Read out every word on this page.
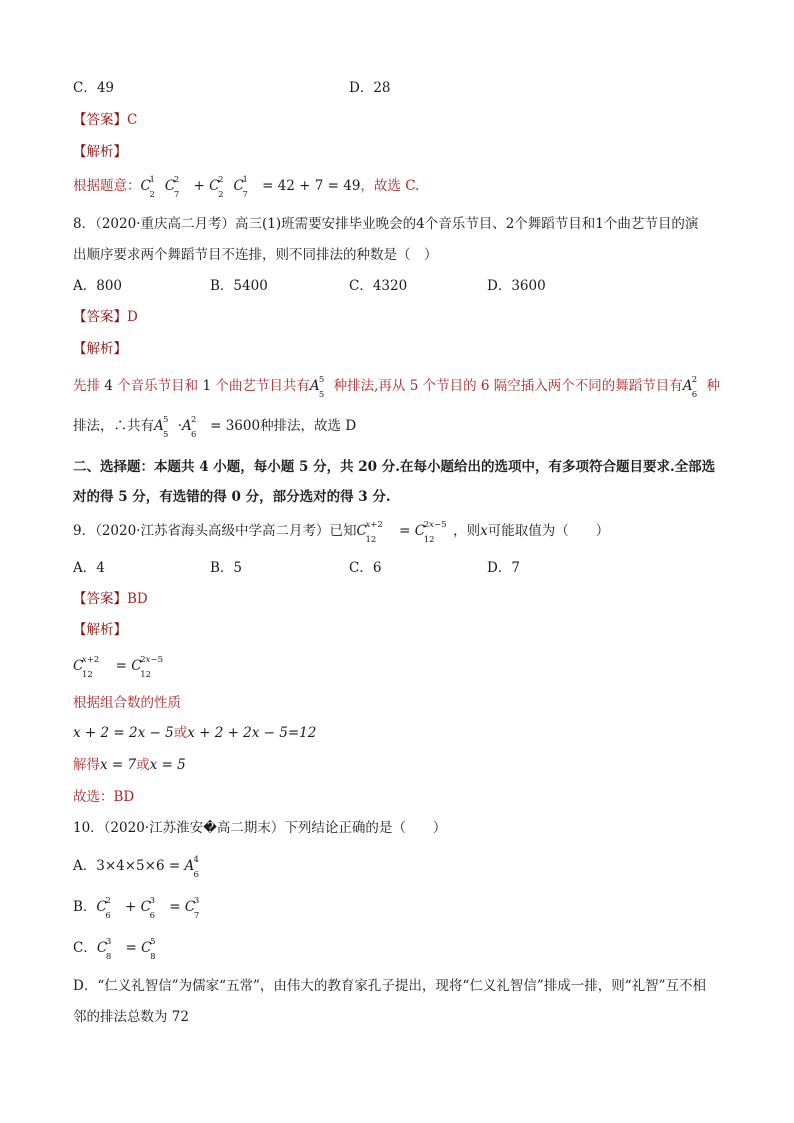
C．49	D．28
【答案】C
【解析】
根据题意：C
1
2
C
2
7
+ C
2
2
C
1
7
= 42 + 7 = 49，故选 C.
8．（2020·重庆高二月考）高三(1)班需要安排毕业晚会的4个音乐节目、2个舞蹈节目和1个曲艺节目的演
出顺序要求两个舞蹈节目不连排，则不同排法的种数是（　）
A．800	B．5400	C．4320	D．3600
【答案】D
【解析】
先排 4 个音乐节目和 1 个曲艺节目共有A 5
5
种排法,再从 5 个节目的 6 隔空插入两个不同的舞蹈节目有A 2
6
种
排法，∴共有A 5
5
·A 2
6
= 3600种排法，故选 D
二、选择题：本题共 4 小题，每小题 5 分，共 20 分.在每小题给出的选项中，有多项符合题目要求.全部选
对的得 5 分，有选错的得 0 分，部分选对的得 3 分.
9．（2020·江苏省海头高级中学高二月考）已知C
x+2
12
= C
2x−5
12
，则x可能取值为（　　）
A．4	B．5	C．6	D．7
【答案】BD
【解析】
C
x+2
12
= C
2x−5
12
根据组合数的性质
x + 2 = 2x − 5或x + 2 + 2x − 5=12
解得x = 7或x = 5
故选：BD
10．（2020·江苏淮安�高二期末）下列结论正确的是（　　）
A．3×4×5×6 = A 4
6
B．C
2
6
+ C
3
6
= C
3
7
C．C
3
8
= C
5
8
D．“仁义礼智信”为儒家“五常”，由伟大的教育家孔子提出，现将“仁义礼智信”排成一排，则“礼智”互不相
邻的排法总数为 72
